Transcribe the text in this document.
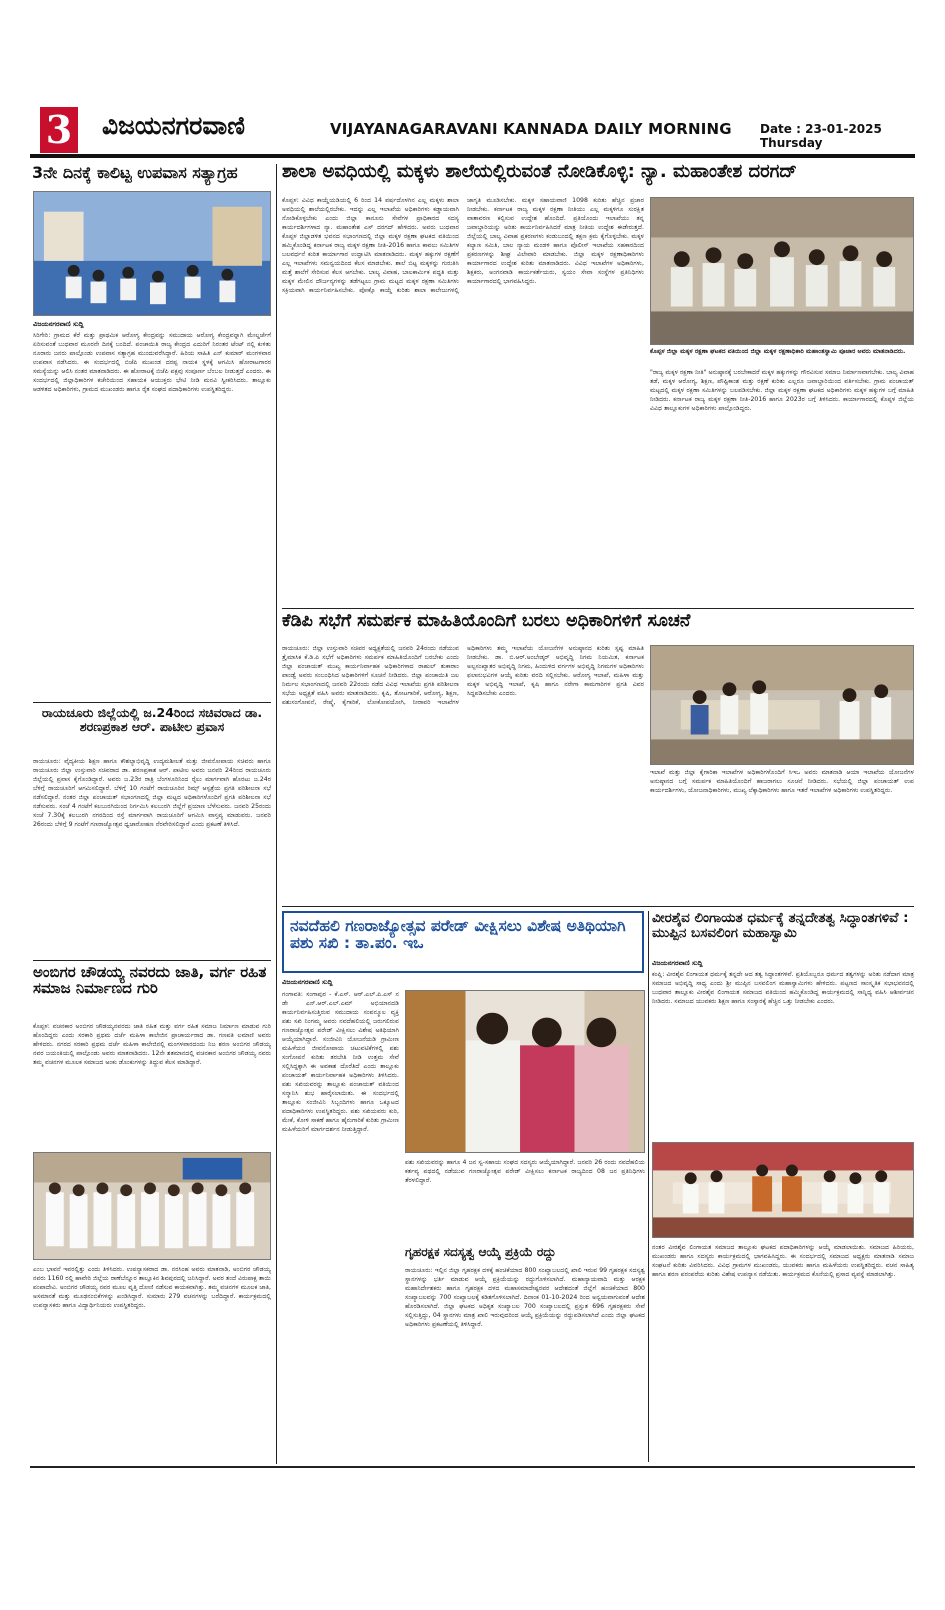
3 ವಿಜಯನಗರವಾಣಿ	VIJAYANAGARAVANI KANNADA DAILY MORNING Date : 23-01-2025 Thursday
3ನೇ ದಿನಕ್ಕೆ ಕಾಲಿಟ್ಟ ಉಪವಾಸ ಸತ್ಯಾಗ್ರಹ
ವಿಜಯನಗರವಾಣಿ ಸುದ್ದಿ
ಸಿರಿಗೇರಿ: ಗ್ರಾಮದ ಕೆರೆ ಮತ್ತು ಪ್ರಾಥಮಿಕ ಆರೋಗ್ಯ ಕೇಂದ್ರವನ್ನು ಸಮುದಾಯ ಆರೋಗ್ಯ ಕೇಂದ್ರವನ್ನಾಗಿ ಮೇಲ್ದರ್ಜೆಗೆ ಏರಿಸುವಂತೆ ಬುಧವಾರ ಮೂರನೇ ದಿನಕ್ಕೆ ಬಂದಿದೆ. ಪಂಚಾಯಿತಿ ರಾಜ್ಯ ಕೇಂದ್ರದ ಎದುರಿಗೆ ನಿರಂತರ ಟೆಂಟ್ ನಲ್ಲಿ ಕುಳಿತು ನೂರಾರು ಜನರು ಪಾಲ್ಗೊಂಡು ಉಪವಾಸ ಸತ್ಯಾಗ್ರಹ ಮುಂದುವರೆಸಿದ್ದಾರೆ. ಹಿರಿಯ ಸಾಹಿತಿ ಎನ್ ಕುಮಾರ್ ಮಂಗಳವಾರ ಉಪವಾಸ ನಡೆಸಿದರು. ಈ ಸಂದರ್ಭದಲ್ಲಿ ಬಿಜೆಪಿ ಮುಖಂಡ ದರಪ್ಪ ನಾಯಕ ಸ್ಥಳಕ್ಕೆ ಆಗಮಿಸಿ ಹೋರಾಟಗಾರರ ಸಮಸ್ಯೆಯನ್ನು ಆಲಿಸಿ ನಂತರ ಮಾತನಾಡಿದರು. ಈ ಹೋರಾಟಕ್ಕೆ ಬಿಜೆಪಿ ಪಕ್ಷವು ಸಂಪೂರ್ಣ ಬೆಂಬಲ ನೀಡುತ್ತದೆ ಎಂದರು. ಈ ಸಂದರ್ಭದಲ್ಲಿ ಜಿಲ್ಲಾಧಿಕಾರಿಗಳ ಕಚೇರಿಯಿಂದ ಸಹಾಯಕ ಆಯುಕ್ತರು ಭೇಟಿ ನೀಡಿ ಮನವಿ ಸ್ವೀಕರಿಸಿದರು. ತಾಲ್ಲೂಕು ಆಡಳಿತದ ಅಧಿಕಾರಿಗಳು, ಗ್ರಾಮದ ಮುಖಂಡರು ಹಾಗೂ ರೈತ ಸಂಘದ ಪದಾಧಿಕಾರಿಗಳು ಉಪಸ್ಥಿತರಿದ್ದರು.
ರಾಯಚೂರು ಜಿಲ್ಲೆಯಲ್ಲಿ ಜ.24ರಿಂದ ಸಚಿವರಾದ ಡಾ. ಶರಣಪ್ರಕಾಶ ಆರ್. ಪಾಟೀಲ ಪ್ರವಾಸ
ರಾಯಚೂರು: ವೈದ್ಯಕೀಯ ಶಿಕ್ಷಣ ಹಾಗೂ ಕೌಶಲ್ಯಾಭಿವೃದ್ಧಿ ಉದ್ಯಮಶೀಲತೆ ಮತ್ತು ಜೀವನೋಪಾಯ ಸಚಿವರು ಹಾಗೂ ರಾಯಚೂರು ಜಿಲ್ಲಾ ಉಸ್ತುವಾರಿ ಸಚಿವರಾದ ಡಾ. ಶರಣಪ್ರಕಾಶ ಆರ್. ಪಾಟೀಲ ಅವರು ಜನವರಿ 24ರಿಂದ ರಾಯಚೂರು ಜಿಲ್ಲೆಯಲ್ಲಿ ಪ್ರವಾಸ ಕೈಗೊಂಡಿದ್ದಾರೆ. ಅವರು ಜ.23ರ ರಾತ್ರಿ ಬೆಂಗಳೂರಿನಿಂದ ರೈಲು ಮಾರ್ಗವಾಗಿ ಹೊರಟು ಜ.24ರ ಬೆಳಿಗ್ಗೆ ರಾಯಚೂರಿಗೆ ಆಗಮಿಸಲಿದ್ದಾರೆ. ಬೆಳಿಗ್ಗೆ 10 ಗಂಟೆಗೆ ರಾಯಚೂರಿನ ರಿಮ್ಸ್ ಆಸ್ಪತ್ರೆಯ ಪ್ರಗತಿ ಪರಿಶೀಲನಾ ಸಭೆ ನಡೆಸಲಿದ್ದಾರೆ. ನಂತರ ಜಿಲ್ಲಾ ಪಂಚಾಯತ್ ಸಭಾಂಗಣದಲ್ಲಿ ಜಿಲ್ಲಾ ಮಟ್ಟದ ಅಧಿಕಾರಿಗಳೊಂದಿಗೆ ಪ್ರಗತಿ ಪರಿಶೀಲನಾ ಸಭೆ ನಡೆಸುವರು. ಸಂಜೆ 4 ಗಂಟೆಗೆ ಕಲಬುರಗಿಯಿಂದ ನಿರ್ಗಮಿಸಿ ಕಲಬುರಗಿ ಜಿಲ್ಲೆಗೆ ಪ್ರಯಾಣ ಬೆಳೆಸುವರು. ಜನವರಿ 25ರಂದು ಸಂಜೆ 7.30ಕ್ಕೆ ಕಲಬುರಗಿ ನಗರದಿಂದ ರಸ್ತೆ ಮಾರ್ಗವಾಗಿ ರಾಯಚೂರಿಗೆ ಆಗಮಿಸಿ ವಾಸ್ತವ್ಯ ಮಾಡುವರು. ಜನವರಿ 26ರಂದು ಬೆಳಿಗ್ಗೆ 9 ಗಂಟೆಗೆ ಗಣರಾಜ್ಯೋತ್ಸವ ಧ್ವಜಾರೋಹಣ ನೆರವೇರಿಸಲಿದ್ದಾರೆ ಎಂದು ಪ್ರಕಟಣೆ ತಿಳಿಸಿದೆ.
ಅಂಬಿಗರ ಚೌಡಯ್ಯ ನವರದು ಜಾತಿ, ವರ್ಗ ರಹಿತ ಸಮಾಜ ನಿರ್ಮಾಣದ ಗುರಿ
ಕೊಪ್ಪಳ: ವಚನಕಾರ ಅಂಬಿಗರ ಚೌಡಯ್ಯನವರದು ಜಾತಿ ರಹಿತ ಮತ್ತು ವರ್ಗ ರಹಿತ ಸಮಾಜ ನಿರ್ಮಾಣ ಮಾಡುವ ಗುರಿ ಹೊಂದಿದ್ದರು ಎಂದು ಸರಕಾರಿ ಪ್ರಥಮ ದರ್ಜೆ ಮಹಿಳಾ ಕಾಲೇಜಿನ ಪ್ರಾಚಾರ್ಯರಾದ ಡಾ. ಗಣಪತಿ ಲಮಾಣಿ ಅವರು ಹೇಳಿದರು. ನಗರದ ಸರಕಾರಿ ಪ್ರಥಮ ದರ್ಜೆ ಮಹಿಳಾ ಕಾಲೇಜಿನಲ್ಲಿ ಮಂಗಳವಾರದಂದು ನಿಜ ಶರಣ ಅಂಬಿಗರ ಚೌಡಯ್ಯ ನವರ ಜಯಂತಿಯಲ್ಲಿ ಪಾಲ್ಗೊಂಡು ಅವರು ಮಾತನಾಡಿದರು. 12ನೇ ಶತಮಾನದಲ್ಲಿ ವಚನಕಾರ ಅಂಬಿಗರ ಚೌಡಯ್ಯ ನವರು ತಮ್ಮ ವಚನಗಳ ಮೂಲಕ ಸಮಾಜದ ಅಂಕು ಡೊಂಕುಗಳನ್ನು ತಿದ್ದುವ ಕೆಲಸ ಮಾಡಿದ್ದಾರೆ.
ಎಂಬ ಭಾವನೆ ಇವರಲ್ಲಿತ್ತು ಎಂದು ತಿಳಿಸಿದರು. ಉಪನ್ಯಾಸಕರಾದ ಡಾ. ನರಸಿಂಹ ಅವರು ಮಾತನಾಡಿ, ಅಂಬಿಗರ ಚೌಡಯ್ಯ ನವರು 1160 ರಲ್ಲಿ ಹಾವೇರಿ ಜಿಲ್ಲೆಯ ರಾಣೆಬೆನ್ನೂರ ತಾಲ್ಲೂಕಿನ ಶಿವಪುರದಲ್ಲಿ ಜನಿಸಿದ್ದಾರೆ. ಅವರ ತಂದೆ ವಿರುಪಾಕ್ಷ ತಾಯಿ ಪಂಪಾದೇವಿ. ಅಂಬಿಗರ ಚೌಡಯ್ಯ ನವರ ಮೂಲ ವೃತ್ತಿ ದೋಣಿ ನಡೆಸುವ ಕಾಯಕವಾಗಿತ್ತು. ತಮ್ಮ ವಚನಗಳ ಮೂಲಕ ಜಾತಿ, ಅಸಮಾನತೆ ಮತ್ತು ಮೂಢನಂಬಿಕೆಗಳನ್ನು ಖಂಡಿಸಿದ್ದಾರೆ. ಸುಮಾರು 279 ವಚನಗಳನ್ನು ಬರೆದಿದ್ದಾರೆ. ಕಾರ್ಯಕ್ರಮದಲ್ಲಿ ಉಪನ್ಯಾಸಕರು ಹಾಗೂ ವಿದ್ಯಾರ್ಥಿನಿಯರು ಉಪಸ್ಥಿತರಿದ್ದರು.
ಶಾಲಾ ಅವಧಿಯಲ್ಲಿ ಮಕ್ಕಳು ಶಾಲೆಯಲ್ಲಿರುವಂತೆ ನೋಡಿಕೊಳ್ಳಿ: ನ್ಯಾ. ಮಹಾಂತೇಶ ದರಗದ್
ಕೊಪ್ಪಳ: ವಿವಿಧ ಕಾಯ್ದೆಯಡಿಯಲ್ಲಿ 6 ರಿಂದ 14 ವರ್ಷದೊಳಗಿನ ಎಲ್ಲ ಮಕ್ಕಳು ಶಾಲಾ ಅವಧಿಯಲ್ಲಿ ಶಾಲೆಯಲ್ಲಿರಬೇಕು. ಇದನ್ನು ಎಲ್ಲ ಇಲಾಖೆಯ ಅಧಿಕಾರಿಗಳು ಕಡ್ಡಾಯವಾಗಿ ನೋಡಿಕೊಳ್ಳಬೇಕು ಎಂದು ಜಿಲ್ಲಾ ಕಾನೂನು ಸೇವೆಗಳ ಪ್ರಾಧಿಕಾರದ ಸದಸ್ಯ ಕಾರ್ಯದರ್ಶಿಗಳಾದ ನ್ಯಾ. ಮಹಾಂತೇಶ ಎಸ್ ದರಗದ್ ಹೇಳಿದರು. ಅವರು ಬುಧವಾರ ಕೊಪ್ಪಳ ಜಿಲ್ಲಾಡಳಿತ ಭವನದ ಸಭಾಂಗಣದಲ್ಲಿ ಜಿಲ್ಲಾ ಮಕ್ಕಳ ರಕ್ಷಣಾ ಘಟಕದ ವತಿಯಿಂದ ಹಮ್ಮಿಕೊಂಡಿದ್ದ ಕರ್ನಾಟಕ ರಾಜ್ಯ ಮಕ್ಕಳ ರಕ್ಷಣಾ ನೀತಿ-2016 ಹಾಗೂ ಕಾವಲು ಸಮಿತಿಗಳ ಬಲವರ್ಧನೆ ಕುರಿತ ಕಾರ್ಯಾಗಾರ ಉದ್ಘಾಟಿಸಿ ಮಾತನಾಡಿದರು. ಮಕ್ಕಳ ಹಕ್ಕುಗಳ ರಕ್ಷಣೆಗೆ ಎಲ್ಲ ಇಲಾಖೆಗಳು ಸಮನ್ವಯದಿಂದ ಕೆಲಸ ಮಾಡಬೇಕು. ಶಾಲೆ ಬಿಟ್ಟ ಮಕ್ಕಳನ್ನು ಗುರುತಿಸಿ ಮತ್ತೆ ಶಾಲೆಗೆ ಸೇರಿಸುವ ಕೆಲಸ ಆಗಬೇಕು. ಬಾಲ್ಯ ವಿವಾಹ, ಬಾಲಕಾರ್ಮಿಕ ಪದ್ಧತಿ ಮತ್ತು ಮಕ್ಕಳ ಮೇಲಿನ ದೌರ್ಜನ್ಯಗಳನ್ನು ತಡೆಗಟ್ಟಲು ಗ್ರಾಮ ಮಟ್ಟದ ಮಕ್ಕಳ ರಕ್ಷಣಾ ಸಮಿತಿಗಳು ಸಕ್ರಿಯವಾಗಿ ಕಾರ್ಯನಿರ್ವಹಿಸಬೇಕು. ಪೋಕ್ಸೊ ಕಾಯ್ದೆ ಕುರಿತು ಶಾಲಾ ಕಾಲೇಜುಗಳಲ್ಲಿ ಜಾಗೃತಿ ಮೂಡಿಸಬೇಕು. ಮಕ್ಕಳ ಸಹಾಯವಾಣಿ 1098 ಕುರಿತು ಹೆಚ್ಚಿನ ಪ್ರಚಾರ ನೀಡಬೇಕು. ಕರ್ನಾಟಕ ರಾಜ್ಯ ಮಕ್ಕಳ ರಕ್ಷಣಾ ನೀತಿಯು ಎಲ್ಲ ಮಕ್ಕಳಿಗೂ ಸುರಕ್ಷಿತ ವಾತಾವರಣ ಕಲ್ಪಿಸುವ ಉದ್ದೇಶ ಹೊಂದಿದೆ. ಪ್ರತಿಯೊಂದು ಇಲಾಖೆಯು ತನ್ನ ಜವಾಬ್ದಾರಿಯನ್ನು ಅರಿತು ಕಾರ್ಯನಿರ್ವಹಿಸಿದರೆ ಮಾತ್ರ ನೀತಿಯ ಉದ್ದೇಶ ಈಡೇರುತ್ತದೆ. ಜಿಲ್ಲೆಯಲ್ಲಿ ಬಾಲ್ಯ ವಿವಾಹ ಪ್ರಕರಣಗಳು ಕಂಡುಬಂದಲ್ಲಿ ತಕ್ಷಣ ಕ್ರಮ ಕೈಗೊಳ್ಳಬೇಕು. ಮಕ್ಕಳ ಕಲ್ಯಾಣ ಸಮಿತಿ, ಬಾಲ ನ್ಯಾಯ ಮಂಡಳಿ ಹಾಗೂ ಪೊಲೀಸ್ ಇಲಾಖೆಯ ಸಹಕಾರದಿಂದ ಪ್ರಕರಣಗಳನ್ನು ಶೀಘ್ರ ವಿಲೇವಾರಿ ಮಾಡಬೇಕು. ಜಿಲ್ಲಾ ಮಕ್ಕಳ ರಕ್ಷಣಾಧಿಕಾರಿಗಳು ಕಾರ್ಯಾಗಾರದ ಉದ್ದೇಶ ಕುರಿತು ಮಾತನಾಡಿದರು. ವಿವಿಧ ಇಲಾಖೆಗಳ ಅಧಿಕಾರಿಗಳು, ಶಿಕ್ಷಕರು, ಅಂಗನವಾಡಿ ಕಾರ್ಯಕರ್ತೆಯರು, ಸ್ವಯಂ ಸೇವಾ ಸಂಸ್ಥೆಗಳ ಪ್ರತಿನಿಧಿಗಳು ಕಾರ್ಯಾಗಾರದಲ್ಲಿ ಭಾಗವಹಿಸಿದ್ದರು.
ಕೊಪ್ಪಳ ಜಿಲ್ಲಾ ಮಕ್ಕಳ ರಕ್ಷಣಾ ಘಟಕದ ವತಿಯಿಂದ ಜಿಲ್ಲಾ ಮಕ್ಕಳ ರಕ್ಷಣಾಧಿಕಾರಿ ಮಹಾಂತಸ್ವಾಮಿ ಪೂಜಾರ ಅವರು ಮಾತನಾಡಿದರು.
"ರಾಜ್ಯ ಮಕ್ಕಳ ರಕ್ಷಣಾ ನೀತಿ" ಅನುಷ್ಠಾನಕ್ಕೆ ಬರಬೇಕಾದರೆ ಮಕ್ಕಳ ಹಕ್ಕುಗಳನ್ನು ಗೌರವಿಸುವ ಸಮಾಜ ನಿರ್ಮಾಣವಾಗಬೇಕು. ಬಾಲ್ಯ ವಿವಾಹ ತಡೆ, ಮಕ್ಕಳ ಆರೋಗ್ಯ, ಶಿಕ್ಷಣ, ಪೌಷ್ಟಿಕಾಂಶ ಮತ್ತು ರಕ್ಷಣೆ ಕುರಿತು ಎಲ್ಲರೂ ಜವಾಬ್ದಾರಿಯಿಂದ ವರ್ತಿಸಬೇಕು. ಗ್ರಾಮ ಪಂಚಾಯತ್ ಮಟ್ಟದಲ್ಲಿ ಮಕ್ಕಳ ರಕ್ಷಣಾ ಸಮಿತಿಗಳನ್ನು ಬಲಪಡಿಸಬೇಕು. ಜಿಲ್ಲಾ ಮಕ್ಕಳ ರಕ್ಷಣಾ ಘಟಕದ ಅಧಿಕಾರಿಗಳು ಮಕ್ಕಳ ಹಕ್ಕುಗಳ ಬಗ್ಗೆ ಮಾಹಿತಿ ನೀಡಿದರು. ಕರ್ನಾಟಕ ರಾಜ್ಯ ಮಕ್ಕಳ ರಕ್ಷಣಾ ನೀತಿ-2016 ಹಾಗೂ 2023ರ ಬಗ್ಗೆ ತಿಳಿಸಿದರು. ಕಾರ್ಯಾಗಾರದಲ್ಲಿ ಕೊಪ್ಪಳ ಜಿಲ್ಲೆಯ ವಿವಿಧ ತಾಲ್ಲೂಕುಗಳ ಅಧಿಕಾರಿಗಳು ಪಾಲ್ಗೊಂಡಿದ್ದರು.
ಕೆಡಿಪಿ ಸಭೆಗೆ ಸಮರ್ಪಕ ಮಾಹಿತಿಯೊಂದಿಗೆ ಬರಲು ಅಧಿಕಾರಿಗಳಿಗೆ ಸೂಚನೆ
ರಾಯಚೂರು: ಜಿಲ್ಲಾ ಉಸ್ತುವಾರಿ ಸಚಿವರ ಅಧ್ಯಕ್ಷತೆಯಲ್ಲಿ ಜನವರಿ 24ರಂದು ನಡೆಯುವ ತ್ರೈಮಾಸಿಕ ಕೆ.ಡಿ.ಪಿ ಸಭೆಗೆ ಅಧಿಕಾರಿಗಳು ಸಮರ್ಪಕ ಮಾಹಿತಿಯೊಂದಿಗೆ ಬರಬೇಕು ಎಂದು ಜಿಲ್ಲಾ ಪಂಚಾಯತ್ ಮುಖ್ಯ ಕಾರ್ಯನಿರ್ವಾಹಕ ಅಧಿಕಾರಿಗಳಾದ ರಾಹುಲ್ ತುಕಾರಾಂ ಪಾಂಡ್ವೆ ಅವರು ಸಂಬಂಧಿಸಿದ ಅಧಿಕಾರಿಗಳಿಗೆ ಸೂಚನೆ ನೀಡಿದರು. ಜಿಲ್ಲಾ ಪಂಚಾಯಿತಿ ಜಲ ನಿರ್ಮಲ ಸಭಾಂಗಣದಲ್ಲಿ ಜನವರಿ 22ರಂದು ನಡೆದ ವಿವಿಧ ಇಲಾಖೆಯ ಪ್ರಗತಿ ಪರಿಶೀಲನಾ ಸಭೆಯ ಅಧ್ಯಕ್ಷತೆ ವಹಿಸಿ ಅವರು ಮಾತನಾಡಿದರು. ಕೃಷಿ, ತೋಟಗಾರಿಕೆ, ಆರೋಗ್ಯ, ಶಿಕ್ಷಣ, ಪಶುಸಂಗೋಪನೆ, ರೇಷ್ಮೆ, ಕೈಗಾರಿಕೆ, ಲೋಕೋಪಯೋಗಿ, ನೀರಾವರಿ ಇಲಾಖೆಗಳ ಅಧಿಕಾರಿಗಳು ತಮ್ಮ ಇಲಾಖೆಯ ಯೋಜನೆಗಳ ಅನುಷ್ಠಾನದ ಕುರಿತು ಸ್ಪಷ್ಟ ಮಾಹಿತಿ ನೀಡಬೇಕು. ಡಾ. ಬಿ.ಆರ್.ಅಂಬೇಡ್ಕರ್ ಅಭಿವೃದ್ಧಿ ನಿಗಮ ನಿಯಮಿತ, ಕರ್ನಾಟಕ ಅಲ್ಪಸಂಖ್ಯಾತರ ಅಭಿವೃದ್ಧಿ ನಿಗಮ, ಹಿಂದುಳಿದ ವರ್ಗಗಳ ಅಭಿವೃದ್ಧಿ ನಿಗಮಗಳ ಅಧಿಕಾರಿಗಳು ಫಲಾನುಭವಿಗಳ ಆಯ್ಕೆ ಕುರಿತು ವರದಿ ಸಲ್ಲಿಸಬೇಕು. ಆರೋಗ್ಯ ಇಲಾಖೆ, ಮಹಿಳಾ ಮತ್ತು ಮಕ್ಕಳ ಅಭಿವೃದ್ಧಿ ಇಲಾಖೆ, ಕೃಷಿ ಹಾಗೂ ನರೇಗಾ ಕಾಮಗಾರಿಗಳ ಪ್ರಗತಿ ವಿವರ ಸಿದ್ಧಪಡಿಸಬೇಕು ಎಂದರು.
ಇಲಾಖೆ ಮತ್ತು ಜಿಲ್ಲಾ ಕೈಗಾರಿಕಾ ಇಲಾಖೆಗಳ ಅಧಿಕಾರಿಗಳೊಂದಿಗೆ ಸಿಇಒ ಅವರು ಮಾತನಾಡಿ ಆಯಾ ಇಲಾಖೆಯ ಯೋಜನೆಗಳ ಅನುಷ್ಠಾನದ ಬಗ್ಗೆ ಸಮರ್ಪಕ ಮಾಹಿತಿಯೊಂದಿಗೆ ಹಾಜರಾಗಲು ಸೂಚನೆ ನೀಡಿದರು. ಸಭೆಯಲ್ಲಿ ಜಿಲ್ಲಾ ಪಂಚಾಯತ್ ಉಪ ಕಾರ್ಯದರ್ಶಿಗಳು, ಯೋಜನಾಧಿಕಾರಿಗಳು, ಮುಖ್ಯ ಲೆಕ್ಕಾಧಿಕಾರಿಗಳು ಹಾಗೂ ಇತರೆ ಇಲಾಖೆಗಳ ಅಧಿಕಾರಿಗಳು ಉಪಸ್ಥಿತರಿದ್ದರು.
ನವದೆಹಲಿ ಗಣರಾಜ್ಯೋತ್ಸವ ಪರೇಡ್ ವೀಕ್ಷಿಸಲು ವಿಶೇಷ ಅತಿಥಿಯಾಗಿ ಪಶು ಸಖಿ : ತಾ.ಪಂ. ಇಒ
ವಿಜಯನಗರವಾಣಿ ಸುದ್ದಿ
ಗಂಗಾವತಿ: ಸಂಗಾಪುರ - ಕೆ.ಎಸ್. ಆರ್.ಎಲ್.ಪಿ.ಎಸ್ ನ ಡೇ ಎನ್.ಆರ್.ಎಲ್.ಎಮ್ ಅಭಿಯಾನದಡಿ ಕಾರ್ಯನಿರ್ವಹಿಸುತ್ತಿರುವ ಸಮುದಾಯ ಸಂಪನ್ಮೂಲ ವ್ಯಕ್ತಿ ಪಶು ಸಖಿ ನಿಂಗಮ್ಮ ಅವರು ನವದೆಹಲಿಯಲ್ಲಿ ಜರುಗಲಿರುವ ಗಣರಾಜ್ಯೋತ್ಸವ ಪರೇಡ್ ವೀಕ್ಷಿಸಲು ವಿಶೇಷ ಅತಿಥಿಯಾಗಿ ಆಯ್ಕೆಯಾಗಿದ್ದಾರೆ. ಸಂಜೀವಿನಿ ಯೋಜನೆಯಡಿ ಗ್ರಾಮೀಣ ಮಹಿಳೆಯರ ಜೀವನೋಪಾಯ ಚಟುವಟಿಕೆಗಳಲ್ಲಿ ಪಶು ಸಂಗೋಪನೆ ಕುರಿತು ತರಬೇತಿ ನೀಡಿ ಉತ್ತಮ ಸೇವೆ ಸಲ್ಲಿಸಿದ್ದಕ್ಕಾಗಿ ಈ ಅವಕಾಶ ದೊರೆತಿದೆ ಎಂದು ತಾಲ್ಲೂಕು ಪಂಚಾಯತ್ ಕಾರ್ಯನಿರ್ವಾಹಕ ಅಧಿಕಾರಿಗಳು ತಿಳಿಸಿದರು. ಪಶು ಸಖಿಯವರನ್ನು ತಾಲ್ಲೂಕು ಪಂಚಾಯತ್ ವತಿಯಿಂದ ಸನ್ಮಾನಿಸಿ ಶುಭ ಹಾರೈಸಲಾಯಿತು. ಈ ಸಂದರ್ಭದಲ್ಲಿ ತಾಲ್ಲೂಕು ಸಂಜೀವಿನಿ ಸಿಬ್ಬಂದಿಗಳು ಹಾಗೂ ಒಕ್ಕೂಟದ ಪದಾಧಿಕಾರಿಗಳು ಉಪಸ್ಥಿತರಿದ್ದರು. ಪಶು ಸಖಿಯವರು ಕುರಿ, ಮೇಕೆ, ಕೋಳಿ ಸಾಕಣೆ ಹಾಗೂ ಹೈನುಗಾರಿಕೆ ಕುರಿತು ಗ್ರಾಮೀಣ ಮಹಿಳೆಯರಿಗೆ ಮಾರ್ಗದರ್ಶನ ನೀಡುತ್ತಿದ್ದಾರೆ.
ಪಶು ಸಖಿಯವರನ್ನು ಹಾಗೂ 4 ಜನ ಸ್ವ-ಸಹಾಯ ಸಂಘದ ಸದಸ್ಯರು ಆಯ್ಕೆಯಾಗಿದ್ದಾರೆ. ಜನವರಿ 26 ರಂದು ನವದೆಹಲಿಯ ಕರ್ತವ್ಯ ಪಥದಲ್ಲಿ ನಡೆಯುವ ಗಣರಾಜ್ಯೋತ್ಸವ ಪರೇಡ್ ವೀಕ್ಷಿಸಲು ಕರ್ನಾಟಕ ರಾಜ್ಯದಿಂದ 08 ಜನ ಪ್ರತಿನಿಧಿಗಳು ತೆರಳಲಿದ್ದಾರೆ.
ಗೃಹರಕ್ಷಕ ಸದಸ್ಯತ್ವ ಆಯ್ಕೆ ಪ್ರಕ್ರಿಯೆ ರದ್ದು
ರಾಯಚೂರು: ಇಲ್ಲಿನ ಜಿಲ್ಲಾ ಗೃಹರಕ್ಷಕ ದಳಕ್ಕೆ ಹಂಚಿಕೆಯಾದ 800 ಸಂಖ್ಯಾಬಲದಲ್ಲಿ ಖಾಲಿ ಇರುವ 99 ಗೃಹರಕ್ಷಕ ಸದಸ್ಯತ್ವ ಸ್ಥಾನಗಳನ್ನು ಭರ್ತಿ ಮಾಡುವ ಆಯ್ಕೆ ಪ್ರಕ್ರಿಯೆಯನ್ನು ರದ್ದುಗೊಳಿಸಲಾಗಿದೆ. ಮಹಾನ್ಯಾಯವಾದಿ ಮತ್ತು ಆರಕ್ಷಕ ಮಹಾನಿರ್ದೇಶಕರು ಹಾಗೂ ಗೃಹರಕ್ಷಕ ದಳದ ಮಹಾಸಮಾದೇಷ್ಟರವರ ಆದೇಶದಂತೆ ಜಿಲ್ಲೆಗೆ ಹಂಚಿಕೆಯಾದ 800 ಸಂಖ್ಯಾಬಲವನ್ನು 700 ಸಂಖ್ಯಾಬಲಕ್ಕೆ ಕಡಿತಗೊಳಿಸಲಾಗಿದೆ. ದಿನಾಂಕ 01-10-2024 ರಿಂದ ಅನ್ವಯವಾಗುವಂತೆ ಆದೇಶ ಹೊರಡಿಸಲಾಗಿದೆ. ಜಿಲ್ಲಾ ಘಟಕದ ಅಧಿಕೃತ ಸಂಖ್ಯಾಬಲ 700 ಸಂಖ್ಯಾಬಲದಲ್ಲಿ ಪ್ರಸ್ತುತ 696 ಗೃಹರಕ್ಷಕರು ಸೇವೆ ಸಲ್ಲಿಸುತ್ತಿದ್ದು, 04 ಸ್ಥಾನಗಳು ಮಾತ್ರ ಖಾಲಿ ಇರುವುದರಿಂದ ಆಯ್ಕೆ ಪ್ರಕ್ರಿಯೆಯನ್ನು ರದ್ದುಪಡಿಸಲಾಗಿದೆ ಎಂದು ಜಿಲ್ಲಾ ಘಟಕದ ಅಧಿಕಾರಿಗಳು ಪ್ರಕಟಣೆಯಲ್ಲಿ ತಿಳಿಸಿದ್ದಾರೆ.
ವೀರಶೈವ ಲಿಂಗಾಯತ ಧರ್ಮಕ್ಕೆ ತನ್ನದೇತತ್ವ ಸಿದ್ಧಾಂತಗಳಿವೆ : ಮುಪ್ಪಿನ ಬಸವಲಿಂಗ ಮಹಾಸ್ವಾಮಿ
ವಿಜಯನಗರವಾಣಿ ಸುದ್ದಿ
ಕಂಪ್ಲಿ: ವೀರಶೈವ ಲಿಂಗಾಯತ ಧರ್ಮಕ್ಕೆ ತನ್ನದೇ ಆದ ತತ್ವ ಸಿದ್ಧಾಂತಗಳಿವೆ. ಪ್ರತಿಯೊಬ್ಬರೂ ಧರ್ಮದ ತತ್ವಗಳನ್ನು ಅರಿತು ನಡೆದಾಗ ಮಾತ್ರ ಸಮಾಜದ ಅಭಿವೃದ್ಧಿ ಸಾಧ್ಯ ಎಂದು ಶ್ರೀ ಮುಪ್ಪಿನ ಬಸವಲಿಂಗ ಮಹಾಸ್ವಾಮಿಗಳು ಹೇಳಿದರು. ಪಟ್ಟಣದ ಸಾಂಸ್ಕೃತಿಕ ಸಭಾಭವನದಲ್ಲಿ ಬುಧವಾರ ತಾಲ್ಲೂಕು ವೀರಶೈವ ಲಿಂಗಾಯತ ಸಮಾಜದ ವತಿಯಿಂದ ಹಮ್ಮಿಕೊಂಡಿದ್ದ ಕಾರ್ಯಕ್ರಮದಲ್ಲಿ ಸಾನ್ನಿಧ್ಯ ವಹಿಸಿ ಆಶೀರ್ವಚನ ನೀಡಿದರು. ಸಮಾಜದ ಯುವಕರು ಶಿಕ್ಷಣ ಹಾಗೂ ಸಂಸ್ಕಾರಕ್ಕೆ ಹೆಚ್ಚಿನ ಒತ್ತು ನೀಡಬೇಕು ಎಂದರು.
ನಂತರ ವೀರಶೈವ ಲಿಂಗಾಯತ ಸಮಾಜದ ತಾಲ್ಲೂಕು ಘಟಕದ ಪದಾಧಿಕಾರಿಗಳನ್ನು ಆಯ್ಕೆ ಮಾಡಲಾಯಿತು. ಸಮಾಜದ ಹಿರಿಯರು, ಮುಖಂಡರು ಹಾಗೂ ಸದಸ್ಯರು ಕಾರ್ಯಕ್ರಮದಲ್ಲಿ ಭಾಗವಹಿಸಿದ್ದರು. ಈ ಸಂದರ್ಭದಲ್ಲಿ ಸಮಾಜದ ಅಧ್ಯಕ್ಷರು ಮಾತನಾಡಿ ಸಮಾಜ ಸಂಘಟನೆ ಕುರಿತು ವಿವರಿಸಿದರು. ವಿವಿಧ ಗ್ರಾಮಗಳ ಮುಖಂಡರು, ಯುವಕರು ಹಾಗೂ ಮಹಿಳೆಯರು ಉಪಸ್ಥಿತರಿದ್ದರು. ವಚನ ಸಾಹಿತ್ಯ ಹಾಗೂ ಶರಣ ಪರಂಪರೆಯ ಕುರಿತು ವಿಶೇಷ ಉಪನ್ಯಾಸ ನಡೆಯಿತು. ಕಾರ್ಯಕ್ರಮದ ಕೊನೆಯಲ್ಲಿ ಪ್ರಸಾದ ವ್ಯವಸ್ಥೆ ಮಾಡಲಾಗಿತ್ತು.
